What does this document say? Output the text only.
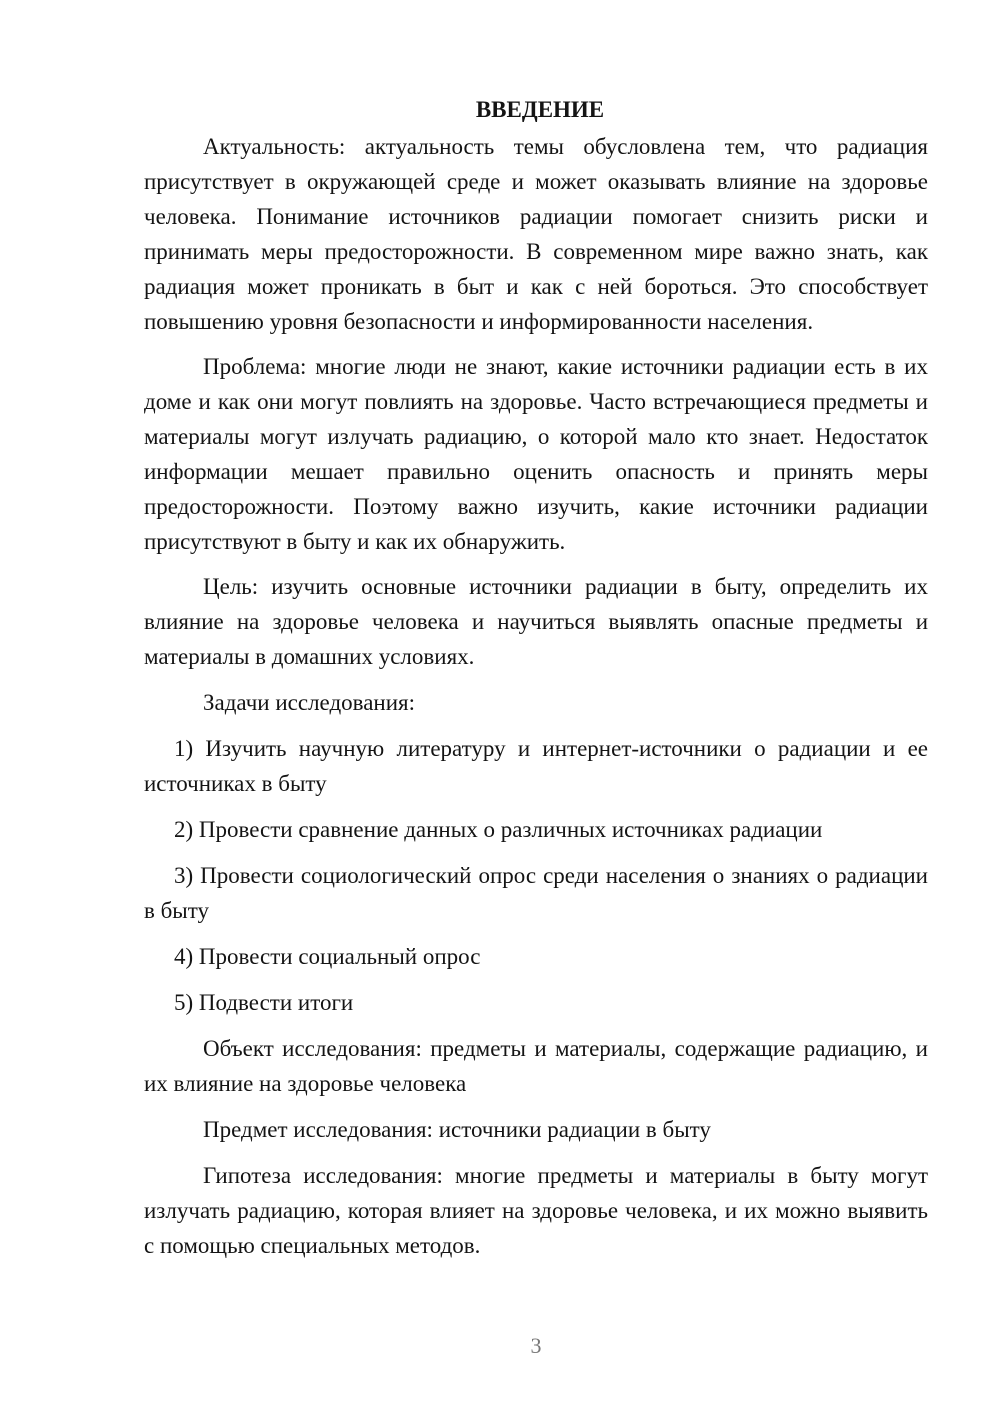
ВВЕДЕНИЕ

Актуальность: актуальность темы обусловлена тем, что радиация присутствует в окружающей среде и может оказывать влияние на здоровье человека. Понимание источников радиации помогает снизить риски и принимать меры предосторожности. В современном мире важно знать, как радиация может проникать в быт и как с ней бороться. Это способствует повышению уровня безопасности и информированности населения.

Проблема: многие люди не знают, какие источники радиации есть в их доме и как они могут повлиять на здоровье. Часто встречающиеся предметы и материалы могут излучать радиацию, о которой мало кто знает. Недостаток информации мешает правильно оценить опасность и принять меры предосторожности. Поэтому важно изучить, какие источники радиации присутствуют в быту и как их обнаружить.

Цель: изучить основные источники радиации в быту, определить их влияние на здоровье человека и научиться выявлять опасные предметы и материалы в домашних условиях.

Задачи исследования:

1) Изучить научную литературу и интернет-источники о радиации и ее источниках в быту

2) Провести сравнение данных о различных источниках радиации

3) Провести социологический опрос среди населения о знаниях о радиации в быту

4) Провести социальный опрос

5) Подвести итоги

Объект исследования: предметы и материалы, содержащие радиацию, и их влияние на здоровье человека

Предмет исследования: источники радиации в быту

Гипотеза исследования: многие предметы и материалы в быту могут излучать радиацию, которая влияет на здоровье человека, и их можно выявить с помощью специальных методов.

3
